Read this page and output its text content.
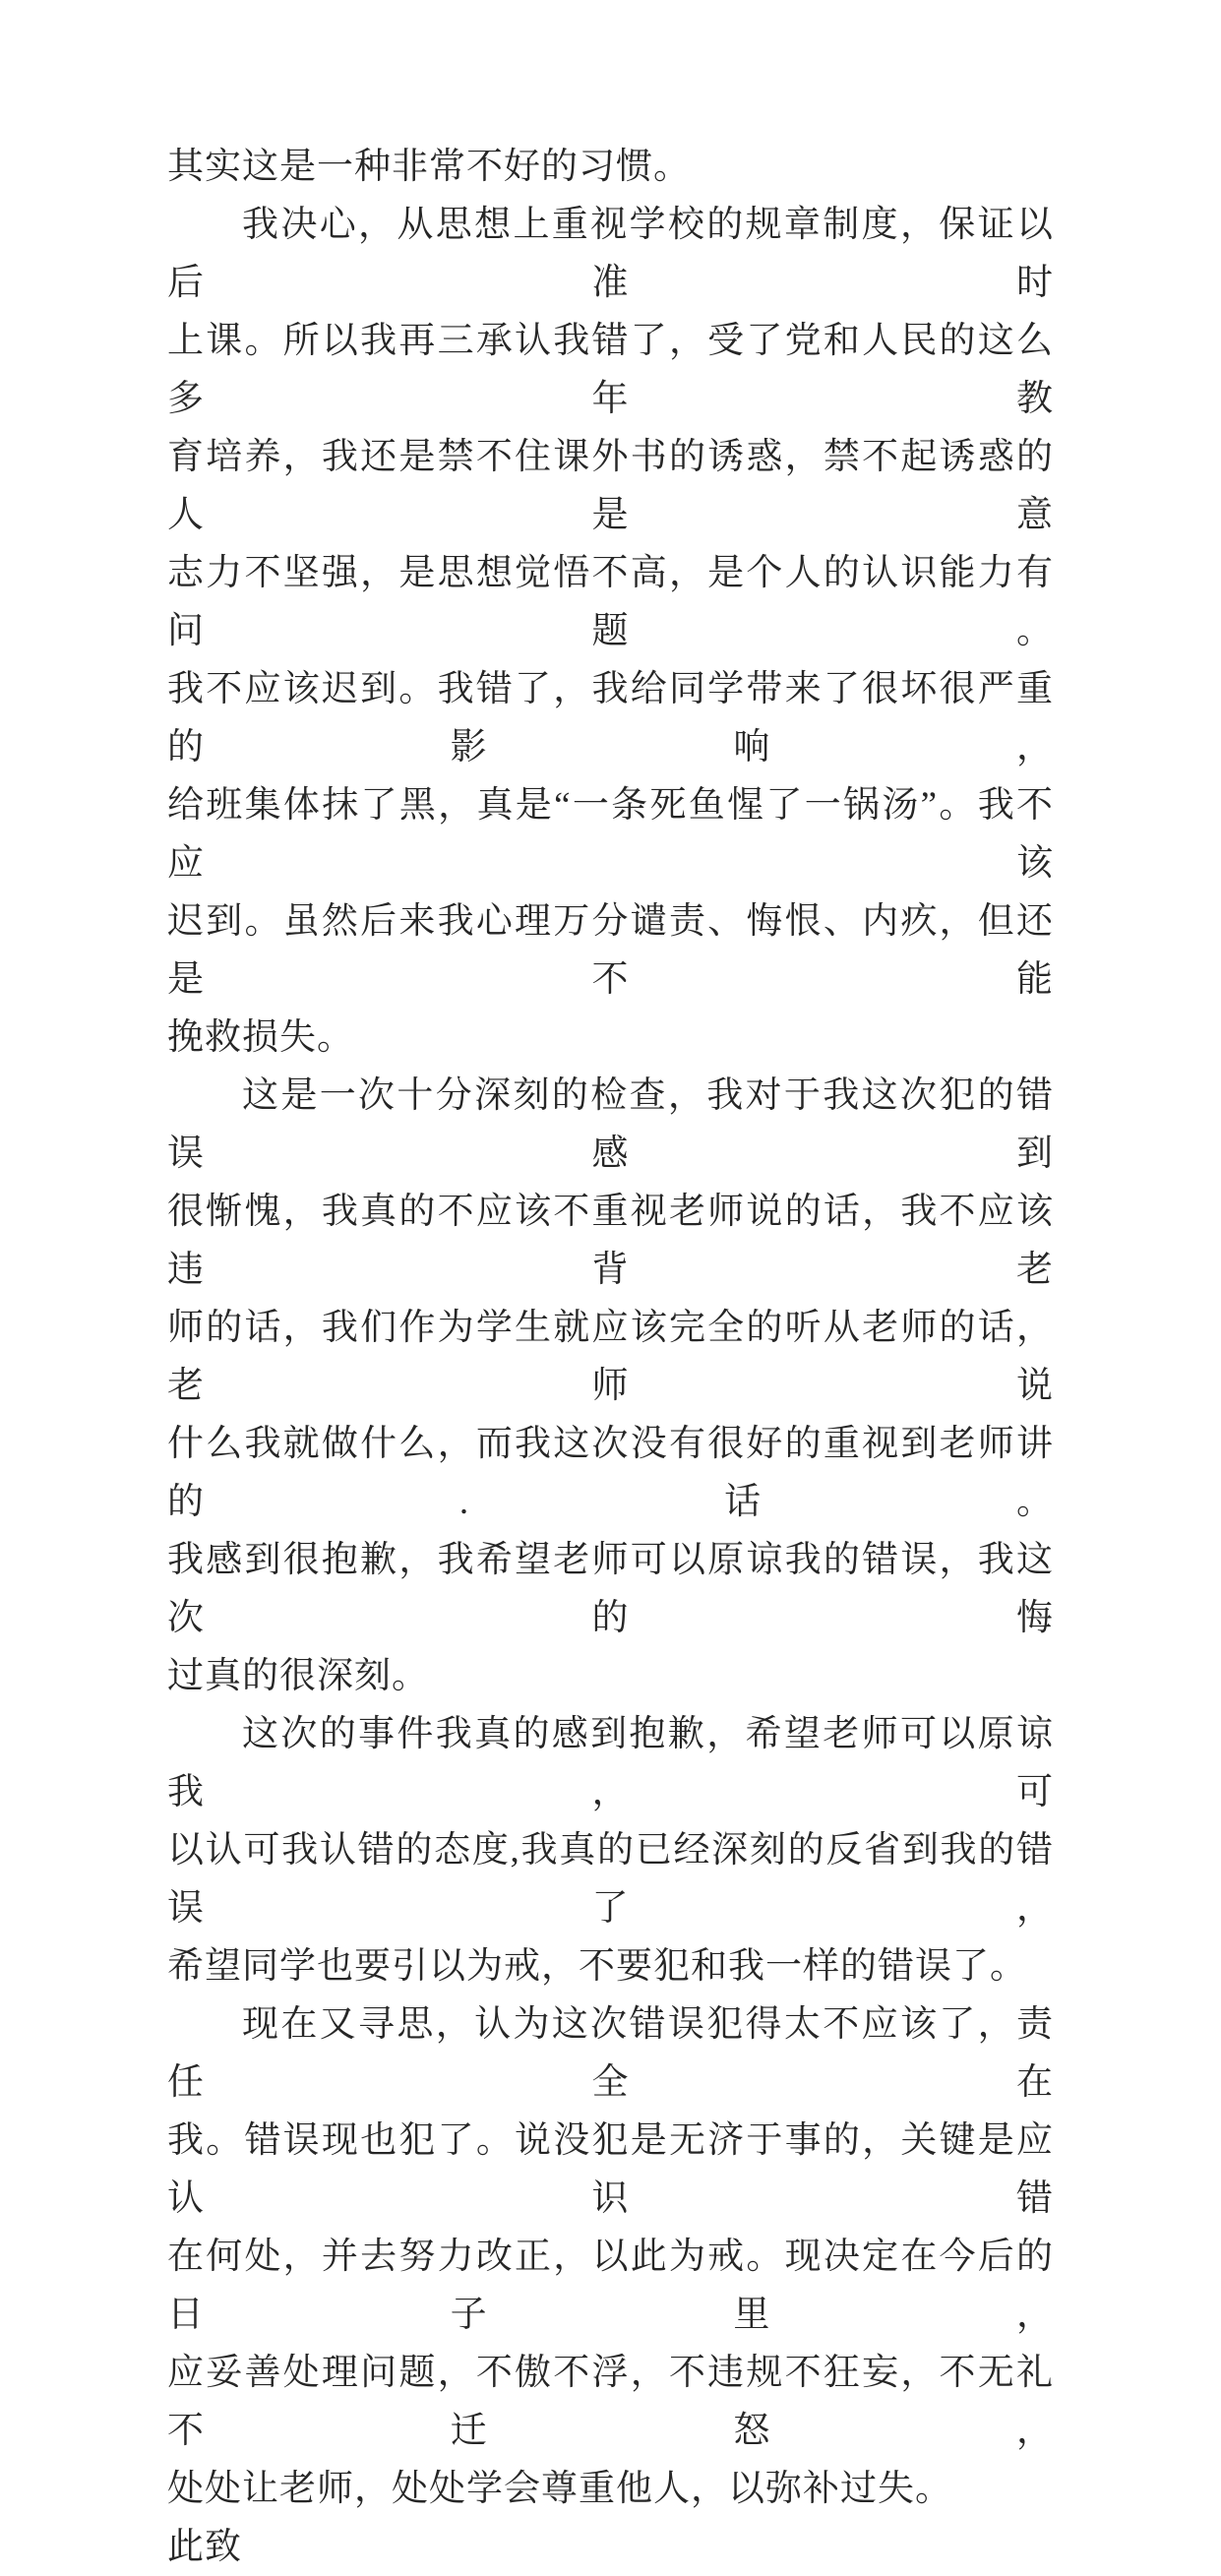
其实这是一种非常不好的习惯。
我决心，从思想上重视学校的规章制度，保证以后准时
上课。所以我再三承认我错了，受了党和人民的这么多年教
育培养，我还是禁不住课外书的诱惑，禁不起诱惑的人是意
志力不坚强，是思想觉悟不高，是个人的认识能力有问题。
我不应该迟到。我错了，我给同学带来了很坏很严重的影响，
给班集体抹了黑，真是“一条死鱼惺了一锅汤”。我不应该
迟到。虽然后来我心理万分谴责、悔恨、内疚，但还是不能
挽救损失。
这是一次十分深刻的检查，我对于我这次犯的错误感到
很惭愧，我真的不应该不重视老师说的话，我不应该违背老
师的话，我们作为学生就应该完全的听从老师的话，老师说
什么我就做什么，而我这次没有很好的重视到老师讲的.话。
我感到很抱歉，我希望老师可以原谅我的错误，我这次的悔
过真的很深刻。
这次的事件我真的感到抱歉，希望老师可以原谅我，可
以认可我认错的态度,我真的已经深刻的反省到我的错误了，
希望同学也要引以为戒，不要犯和我一样的错误了。
现在又寻思，认为这次错误犯得太不应该了，责任全在
我。错误现也犯了。说没犯是无济于事的，关键是应认识错
在何处，并去努力改正，以此为戒。现决定在今后的日子里，
应妥善处理问题，不傲不浮，不违规不狂妄，不无礼不迁怒，
处处让老师，处处学会尊重他人，以弥补过失。
此致
